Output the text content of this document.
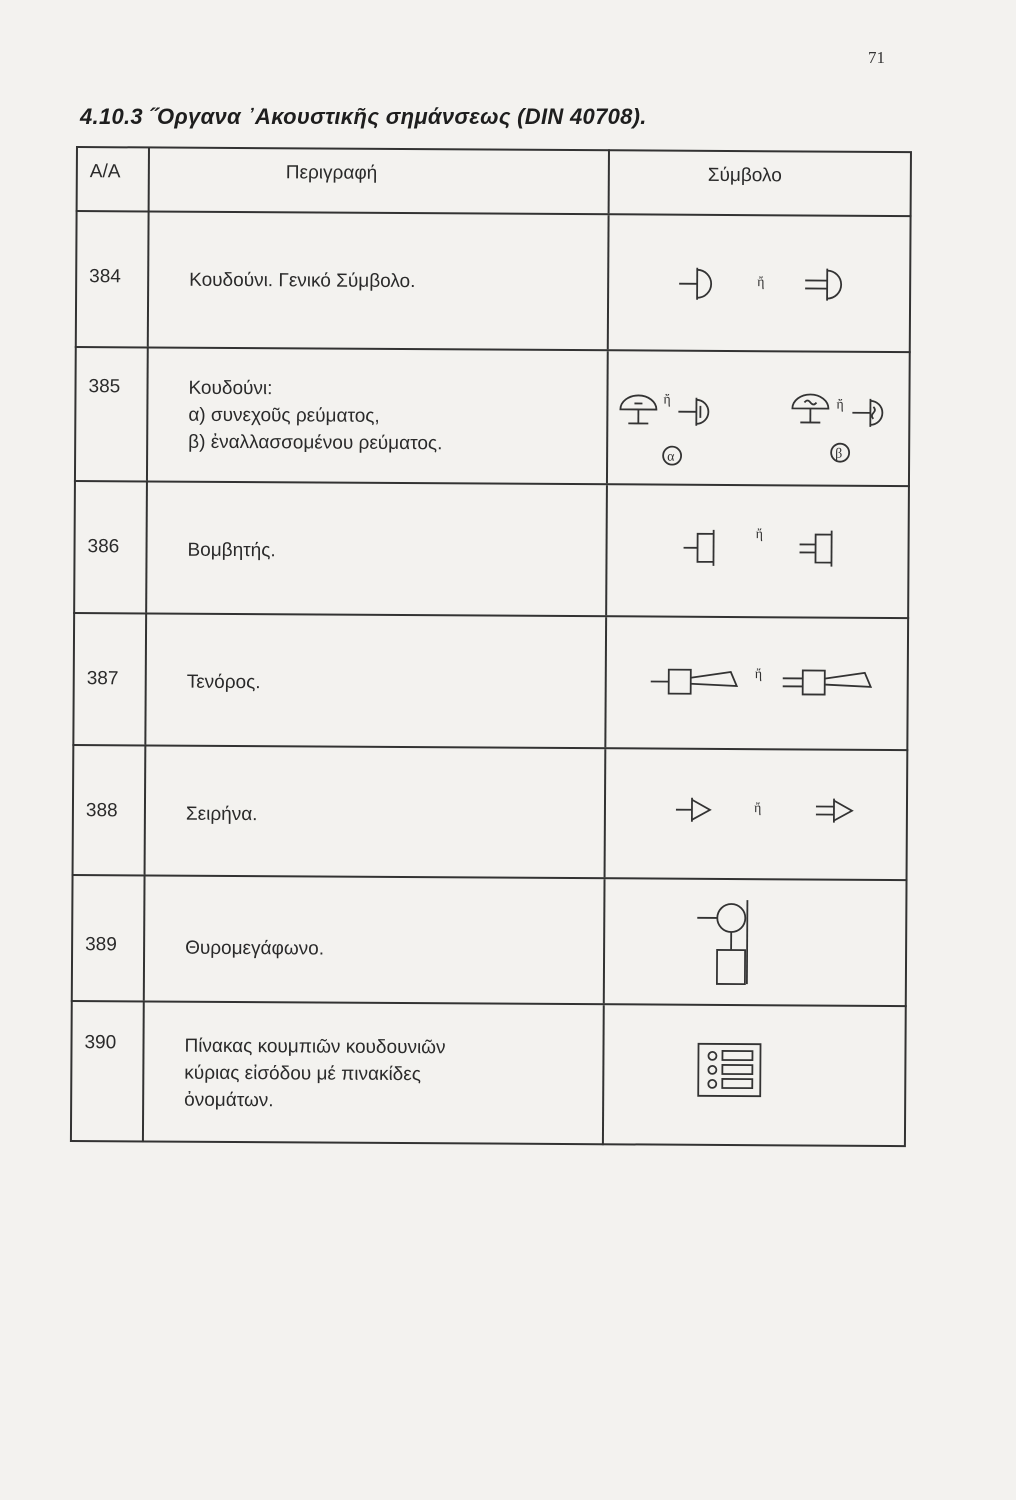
71
4.10.3 ˝Οργανα ᾽Ακουστικῆς σημάνσεως (DIN 40708).
Α/Α	Περιγραφή	Σύμβολο
384	Κουδούνι. Γενικό Σύμβολο.	ἤ
385	Κουδούνι:
α) συνεχοῦς ρεύματος,
β) ἐναλλασσομένου ρεύματος.
ἤ
α
ἤ
β
386	Βομβητής.
ἤ
387	Τενόρος.	ἤ
388	Σειρήνα.	ἤ
389	Θυρομεγάφωνο.
390	Πίνακας κουμπιῶν κουδουνιῶν
κύριας εἰσόδου μέ πινακίδες
ὀνομάτων.
